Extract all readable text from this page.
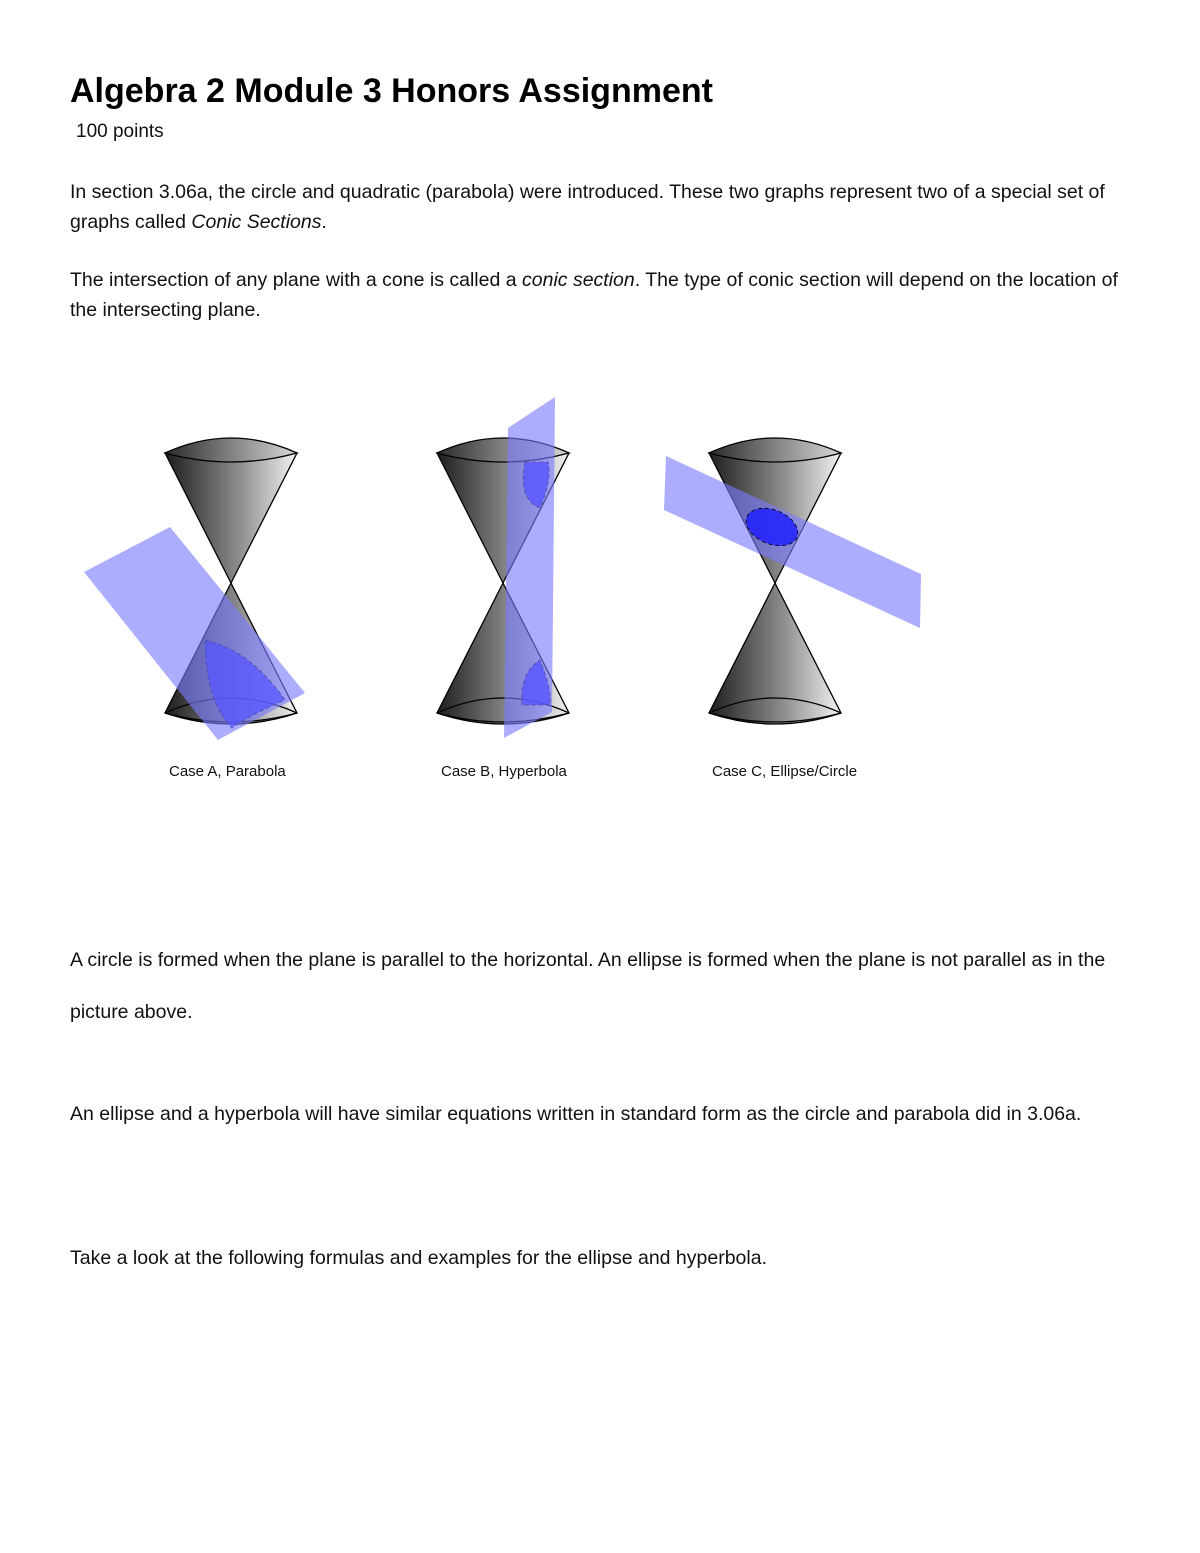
Algebra 2 Module 3 Honors Assignment
100 points

In section 3.06a, the circle and quadratic (parabola) were introduced. These two graphs represent two of a special set of graphs called Conic Sections.

The intersection of any plane with a cone is called a conic section. The type of conic section will depend on the location of the intersecting plane.

Case A, Parabola	Case B, Hyperbola	Case C, Ellipse/Circle

A circle is formed when the plane is parallel to the horizontal. An ellipse is formed when the plane is not parallel as in the picture above.

An ellipse and a hyperbola will have similar equations written in standard form as the circle and parabola did in 3.06a.

Take a look at the following formulas and examples for the ellipse and hyperbola.
